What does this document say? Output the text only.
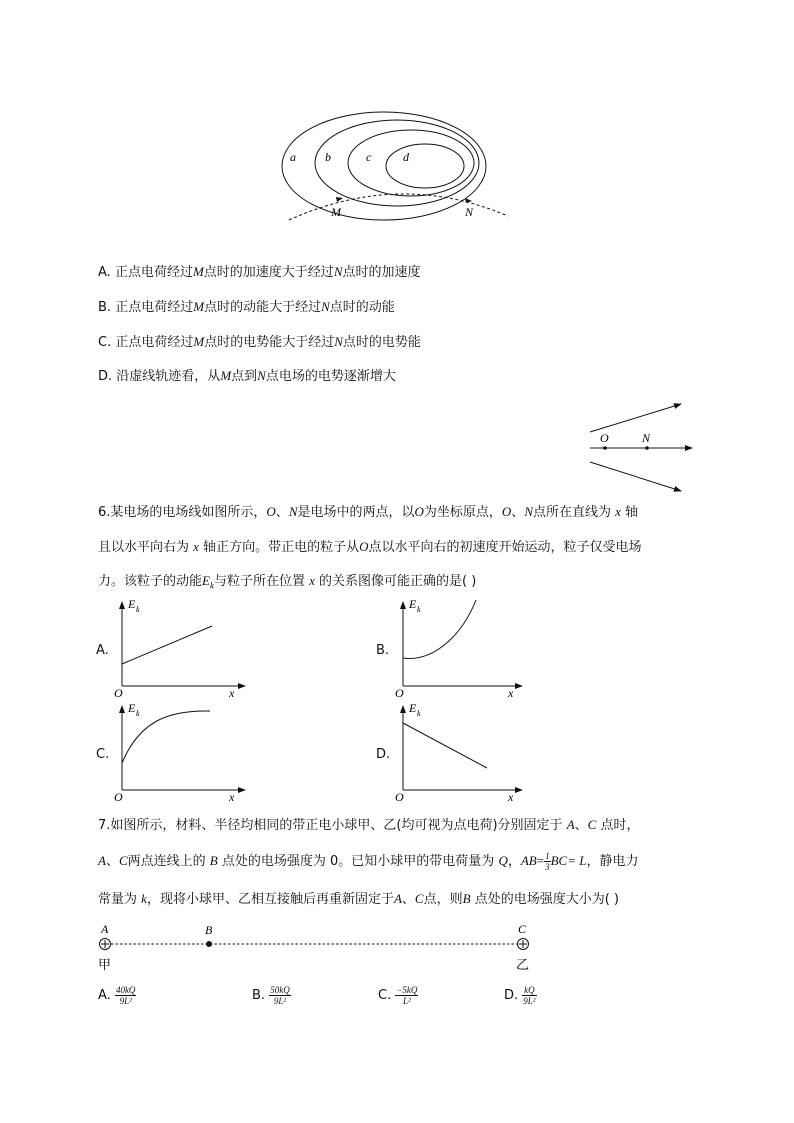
a b	c	d
M	N
A. 正点电荷经过M点时的加速度大于经过N点时的加速度
B. 正点电荷经过M点时的动能大于经过N点时的动能
C. 正点电荷经过M点时的电势能大于经过N点时的电势能
D. 沿虚线轨迹看，从M点到N点电场的电势逐渐增大
O	N
6.某电场的电场线如图所示，O、N是电场中的两点，以O为坐标原点，O、N点所在直线为 x 轴
且以水平向右为 x 轴正方向。带正电的粒子从O点以水平向右的初速度开始运动，粒子仅受电场
力。该粒子的动能$E_k$与粒子所在位置 x 的关系图像可能正确的是( )
A.
E k
O	x
B.
E k
O	x
C.
E k
O	x
D.
E k
O	x
7.如图所示，材料、半径均相同的带正电小球甲、乙(均可视为点电荷)分别固定于 A、C 点时，
A、C两点连线上的 B 点处的电场强度为 0。已知小球甲的带电荷量为 Q，$AB= \frac{1}{3} BC= L$，静电力
常量为 k，现将小球甲、乙相互接触后再重新固定于A、C点，则B 点处的电场强度大小为( )
A	B	C
甲	乙
A. $\frac{40kQ}{\text{9L²}}$	B. $\frac{50kQ}{\text{9L²}}$	C. $\frac{-5kQ}{\text{L²}}$	D. $\frac{kQ}{\text{9L²}}$
